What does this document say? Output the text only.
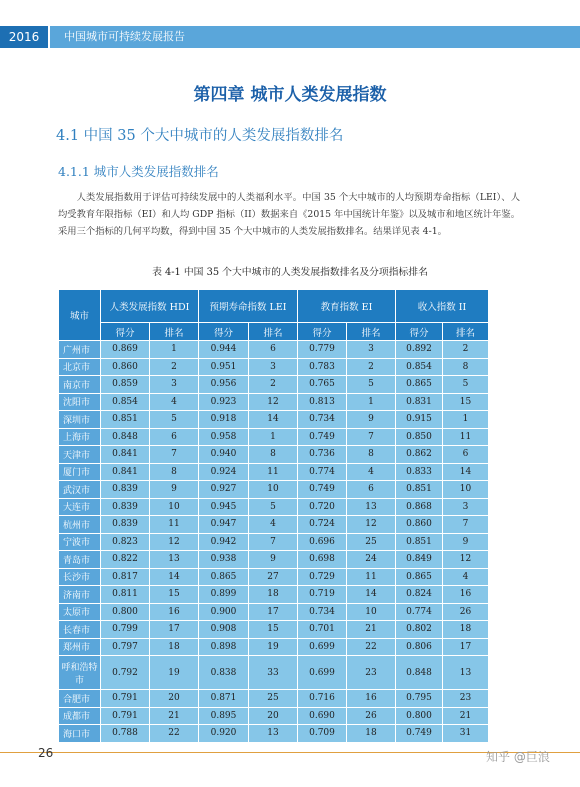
2016	中国城市可持续发展报告
第四章 城市人类发展指数
4.1 中国 35 个大中城市的人类发展指数排名
4.1.1 城市人类发展指数排名
人类发展指数用于评估可持续发展中的人类福利水平。中国 35 个大中城市的人均预期寿命指标（LEI）、人均受教育年限指标（EI）和人均 GDP 指标（II）数据来自《2015 年中国统计年鉴》以及城市和地区统计年鉴。采用三个指标的几何平均数，得到中国 35 个大中城市的人类发展指数排名。结果详见表 4-1。
表 4-1 中国 35 个大中城市的人类发展指数排名及分项指标排名
城市	人类发展指数 HDI		预期寿命指数 LEI		教育指数 EI		收入指数 II	
	得分	排名	得分	排名	得分	排名	得分	排名
广州市	0.869	1	0.944	6	0.779	3	0.892	2
北京市	0.860	2	0.951	3	0.783	2	0.854	8
南京市	0.859	3	0.956	2	0.765	5	0.865	5
沈阳市	0.854	4	0.923	12	0.813	1	0.831	15
深圳市	0.851	5	0.918	14	0.734	9	0.915	1
上海市	0.848	6	0.958	1	0.749	7	0.850	11
天津市	0.841	7	0.940	8	0.736	8	0.862	6
厦门市	0.841	8	0.924	11	0.774	4	0.833	14
武汉市	0.839	9	0.927	10	0.749	6	0.851	10
大连市	0.839	10	0.945	5	0.720	13	0.868	3
杭州市	0.839	11	0.947	4	0.724	12	0.860	7
宁波市	0.823	12	0.942	7	0.696	25	0.851	9
青岛市	0.822	13	0.938	9	0.698	24	0.849	12
长沙市	0.817	14	0.865	27	0.729	11	0.865	4
济南市	0.811	15	0.899	18	0.719	14	0.824	16
太原市	0.800	16	0.900	17	0.734	10	0.774	26
长春市	0.799	17	0.908	15	0.701	21	0.802	18
郑州市	0.797	18	0.898	19	0.699	22	0.806	17
呼和浩特市	0.792	19	0.838	33	0.699	23	0.848	13
合肥市	0.791	20	0.871	25	0.716	16	0.795	23
成都市	0.791	21	0.895	20	0.690	26	0.800	21
海口市	0.788	22	0.920	13	0.709	18	0.749	31
26	知乎 @巨浪
